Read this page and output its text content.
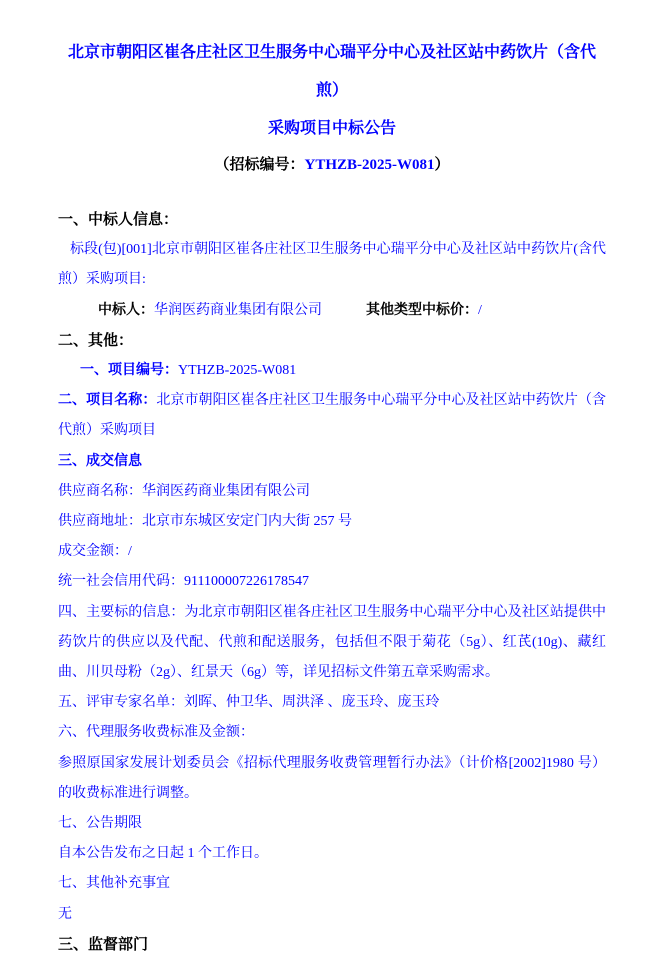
北京市朝阳区崔各庄社区卫生服务中心瑞平分中心及社区站中药饮片（含代煎）
采购项目中标公告

（招标编号：YTHZB-2025-W081）

一、中标人信息：

标段(包)[001]北京市朝阳区崔各庄社区卫生服务中心瑞平分中心及社区站中药饮片(含代煎）采购项目:

中标人：华润医药商业集团有限公司	其他类型中标价：/

二、其他：

一、项目编号：YTHZB-2025-W081

二、项目名称：北京市朝阳区崔各庄社区卫生服务中心瑞平分中心及社区站中药饮片（含代煎）采购项目

三、成交信息

供应商名称：华润医药商业集团有限公司

供应商地址：北京市东城区安定门内大街 257 号

成交金额：/

统一社会信用代码：911100007226178547

四、主要标的信息：为北京市朝阳区崔各庄社区卫生服务中心瑞平分中心及社区站提供中药饮片的供应以及代配、代煎和配送服务，包括但不限于菊花（5g）、红芪(10g)、藏红曲、川贝母粉（2g）、红景天（6g）等，详见招标文件第五章采购需求。

五、评审专家名单：刘晖、仲卫华、周洪泽 、庞玉玲、庞玉玲

六、代理服务收费标准及金额：

参照原国家发展计划委员会《招标代理服务收费管理暂行办法》（计价格[2002]1980 号）的收费标准进行调整。

七、公告期限

自本公告发布之日起 1 个工作日。

七、其他补充事宜

无

三、监督部门
